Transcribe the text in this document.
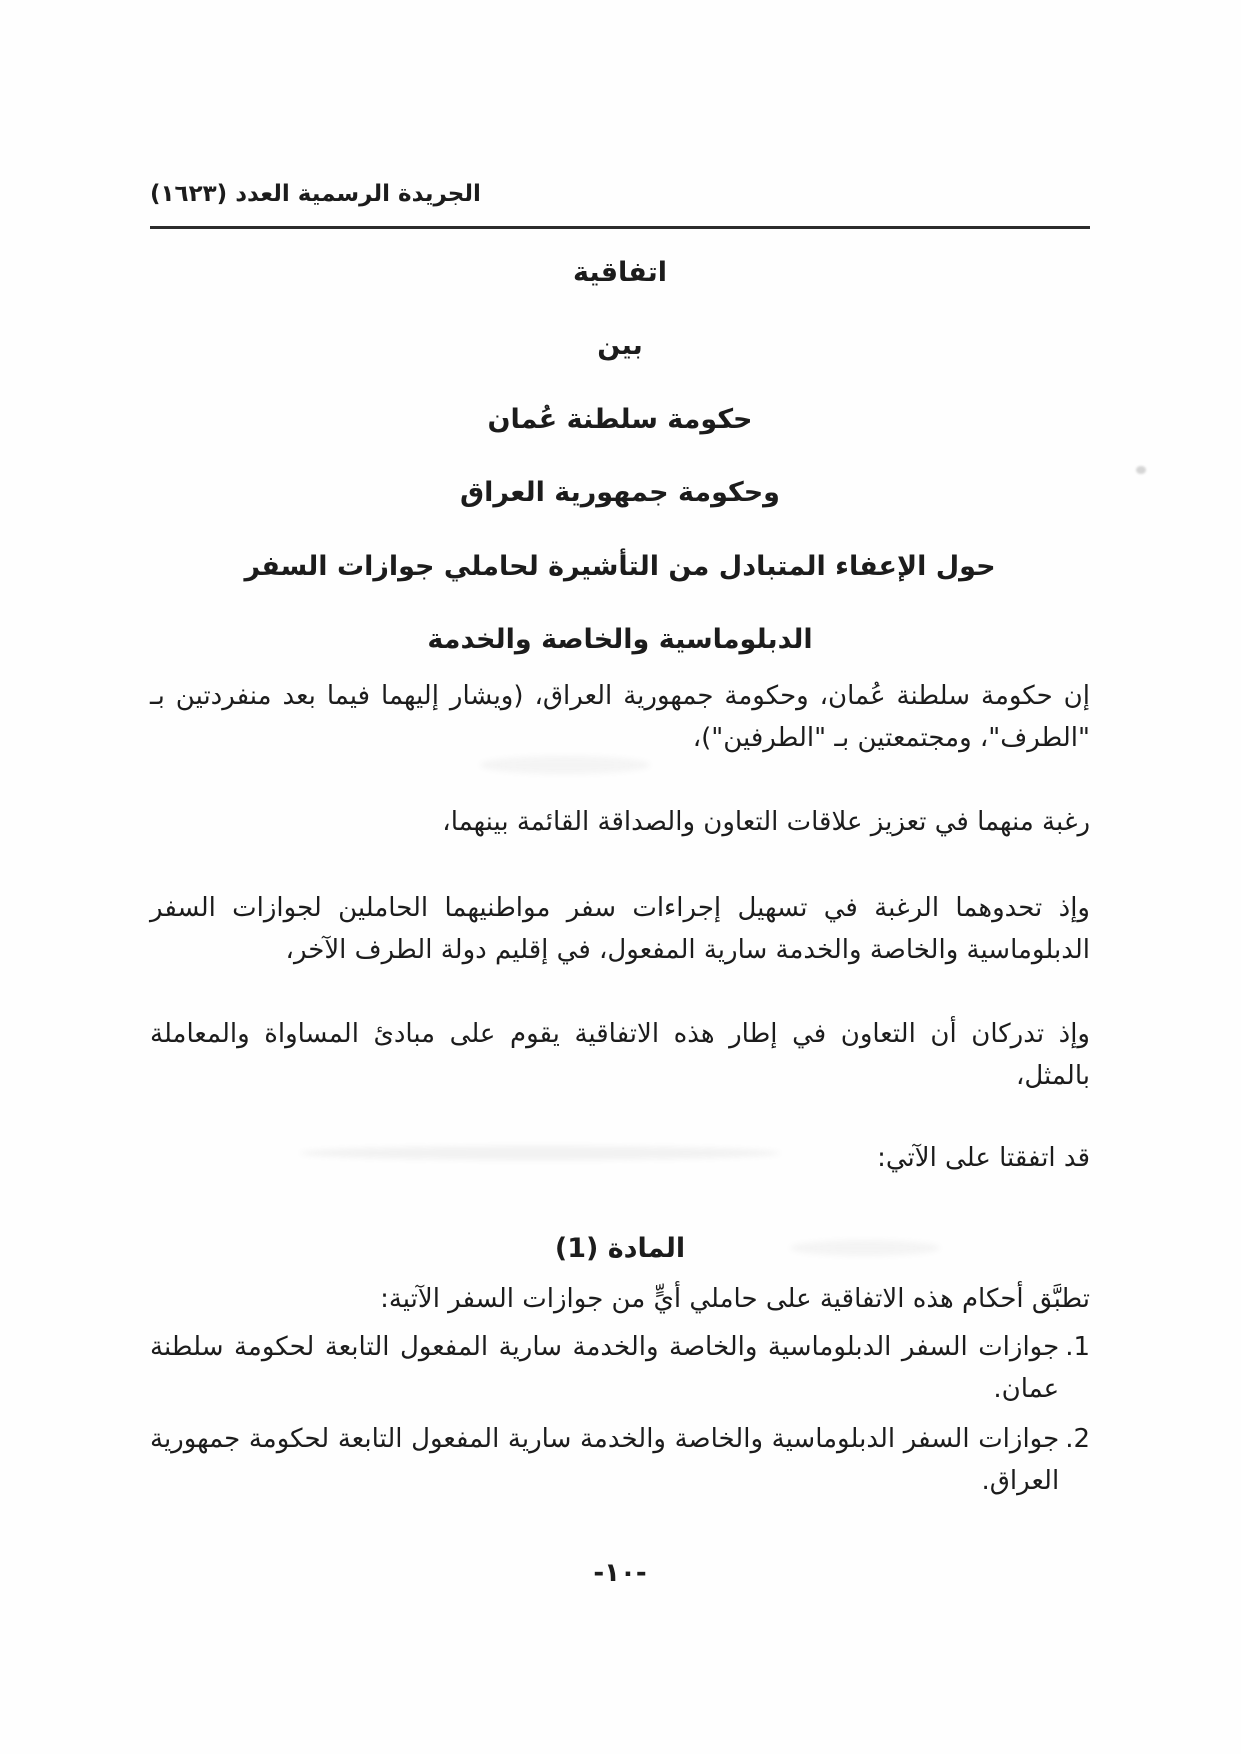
الجريدة الرسمية العدد (١٦٢٣)
اتفاقية
بين
حكومة سلطنة عُمان
وحكومة جمهورية العراق
حول الإعفاء المتبادل من التأشيرة لحاملي جوازات السفر
الدبلوماسية والخاصة والخدمة

إن حكومة سلطنة عُمان، وحكومة جمهورية العراق، (ويشار إليهما فيما بعد منفردتين بـ "الطرف"، ومجتمعتين بـ "الطرفين")،

رغبة منهما في تعزيز علاقات التعاون والصداقة القائمة بينهما،

وإذ تحدوهما الرغبة في تسهيل إجراءات سفر مواطنيهما الحاملين لجوازات السفر الدبلوماسية والخاصة والخدمة سارية المفعول، في إقليم دولة الطرف الآخر،

وإذ تدركان أن التعاون في إطار هذه الاتفاقية يقوم على مبادئ المساواة والمعاملة بالمثل،

قد اتفقتا على الآتي:

المادة (1)
تطبَّق أحكام هذه الاتفاقية على حاملي أيٍّ من جوازات السفر الآتية:
1.
جوازات السفر الدبلوماسية والخاصة والخدمة سارية المفعول التابعة لحكومة سلطنة عمان.
2.
جوازات السفر الدبلوماسية والخاصة والخدمة سارية المفعول التابعة لحكومة جمهورية العراق.
-١٠-
